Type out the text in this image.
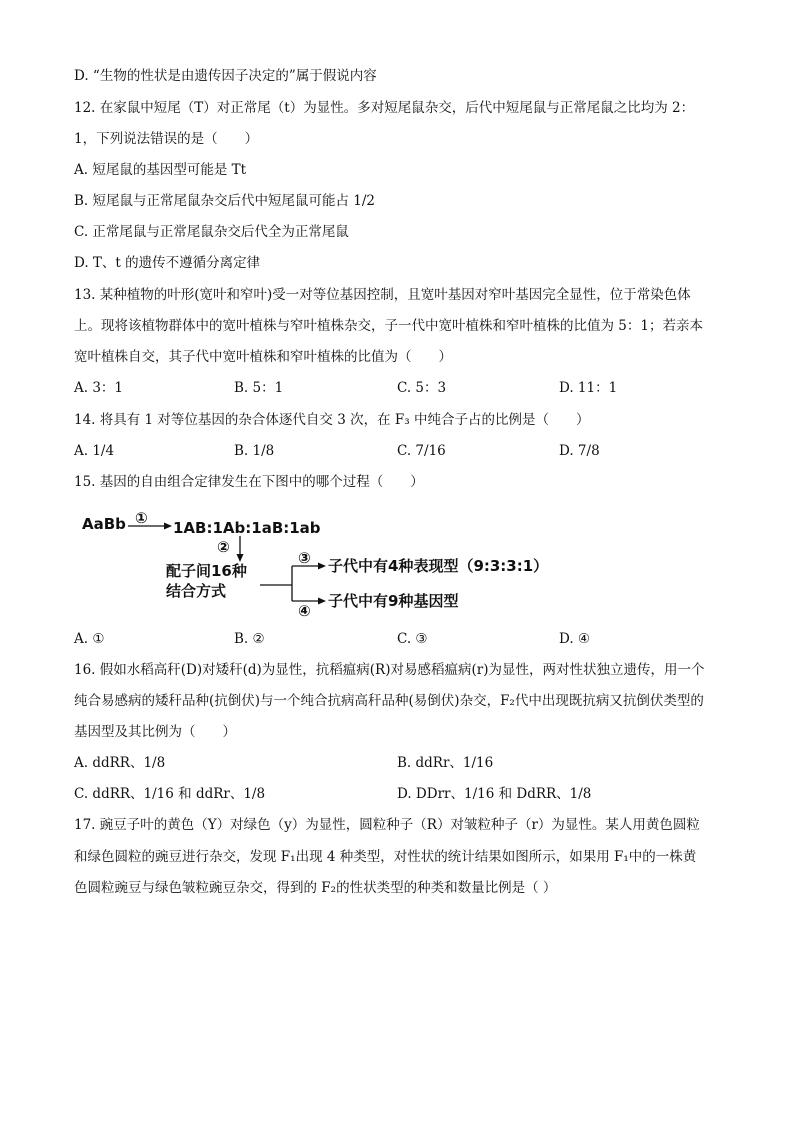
D. “生物的性状是由遗传因子决定的”属于假说内容
12. 在家鼠中短尾（T）对正常尾（t）为显性。多对短尾鼠杂交，后代中短尾鼠与正常尾鼠之比均为 2：
1，下列说法错误的是（　　）
A. 短尾鼠的基因型可能是 Tt
B. 短尾鼠与正常尾鼠杂交后代中短尾鼠可能占 1/2
C. 正常尾鼠与正常尾鼠杂交后代全为正常尾鼠
D. T、t 的遗传不遵循分离定律
13. 某种植物的叶形(宽叶和窄叶)受一对等位基因控制，且宽叶基因对窄叶基因完全显性，位于常染色体
上。现将该植物群体中的宽叶植株与窄叶植株杂交，子一代中宽叶植株和窄叶植株的比值为 5：1；若亲本
宽叶植株自交，其子代中宽叶植株和窄叶植株的比值为（　　）
A. 3：1	B. 5：1	C. 5：3	D. 11：1
14. 将具有 1 对等位基因的杂合体逐代自交 3 次，在 F₃ 中纯合子占的比例是（　　）
A. 1/4	B. 1/8	C. 7/16	D. 7/8
15. 基因的自由组合定律发生在下图中的哪个过程（　　）
AaBb ①
1AB:1Ab:1aB:1ab
②
配子间16种
结合方式
③
④
子代中有4种表现型（9:3:3:1）
子代中有9种基因型
A. ①	B. ②	C. ③	D. ④
16. 假如水稻高秆(D)对矮秆(d)为显性，抗稻瘟病(R)对易感稻瘟病(r)为显性，两对性状独立遗传，用一个
纯合易感病的矮秆品种(抗倒伏)与一个纯合抗病高秆品种(易倒伏)杂交，F₂代中出现既抗病又抗倒伏类型的
基因型及其比例为（　　）
A. ddRR、1/8	B. ddRr、1/16
C. ddRR、1/16 和 ddRr、1/8	D. DDrr、1/16 和 DdRR、1/8
17. 豌豆子叶的黄色（Y）对绿色（y）为显性，圆粒种子（R）对皱粒种子（r）为显性。某人用黄色圆粒
和绿色圆粒的豌豆进行杂交，发现 F₁出现 4 种类型，对性状的统计结果如图所示，如果用 F₁中的一株黄
色圆粒豌豆与绿色皱粒豌豆杂交，得到的 F₂的性状类型的种类和数量比例是（ ）
